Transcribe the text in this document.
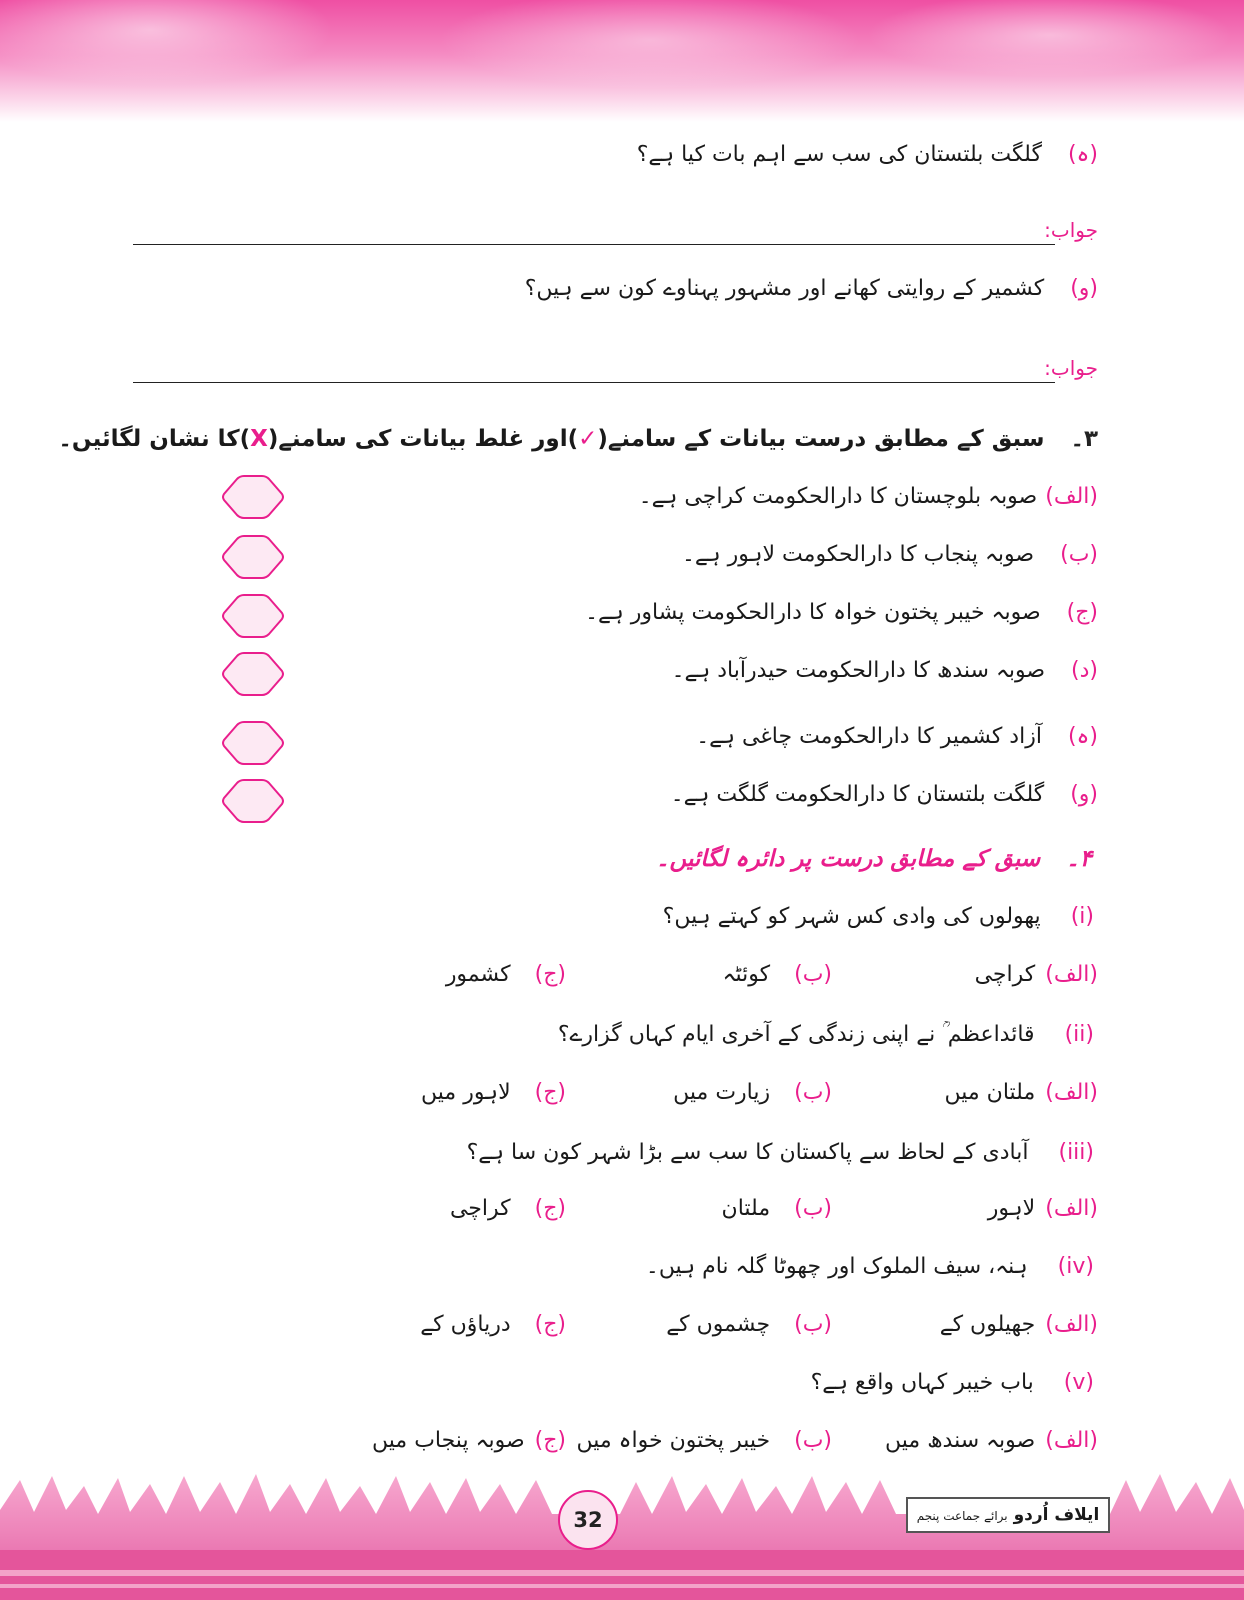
(ہ)گلگت بلتستان کی سب سے اہم بات کیا ہے؟
جواب:
(و)کشمیر کے روایتی کھانے اور مشہور پہناوے کون سے ہیں؟
جواب:
۳۔سبق کے مطابق درست بیانات کے سامنے(✓)اور غلط بیانات کی سامنے(X)کا نشان لگائیں۔
(الف)صوبہ بلوچستان کا دارالحکومت کراچی ہے۔
(ب)صوبہ پنجاب کا دارالحکومت لاہور ہے۔
(ج)صوبہ خیبر پختون خواہ کا دارالحکومت پشاور ہے۔
(د)صوبہ سندھ کا دارالحکومت حیدرآباد ہے۔
(ہ)آزاد کشمیر کا دارالحکومت چاغی ہے۔
(و)گلگت بلتستان کا دارالحکومت گلگت ہے۔
۴۔سبق کے مطابق درست پر دائرہ لگائیں۔
(i)پھولوں کی وادی کس شہر کو کہتے ہیں؟
(الف)کراچی
(ب)کوئٹہ
(ج)کشمور
(ii)قائداعظم ؒ نے اپنی زندگی کے آخری ایام کہاں گزارے؟
(الف)ملتان میں
(ب)زیارت میں
(ج)لاہور میں
(iii)آبادی کے لحاظ سے پاکستان کا سب سے بڑا شہر کون سا ہے؟
(الف)لاہور
(ب)ملتان
(ج)کراچی
(iv)ہنہ، سیف الملوک اور چھوٹا گلہ نام ہیں۔
(الف)جھیلوں کے
(ب)چشموں کے
(ج)دریاؤں کے
(v)باب خیبر کہاں واقع ہے؟
(الف)صوبہ سندھ میں
(ب)خیبر پختون خواہ میں
(ج)صوبہ پنجاب میں
32	ایلاف اُردو برائے جماعت پنجم
